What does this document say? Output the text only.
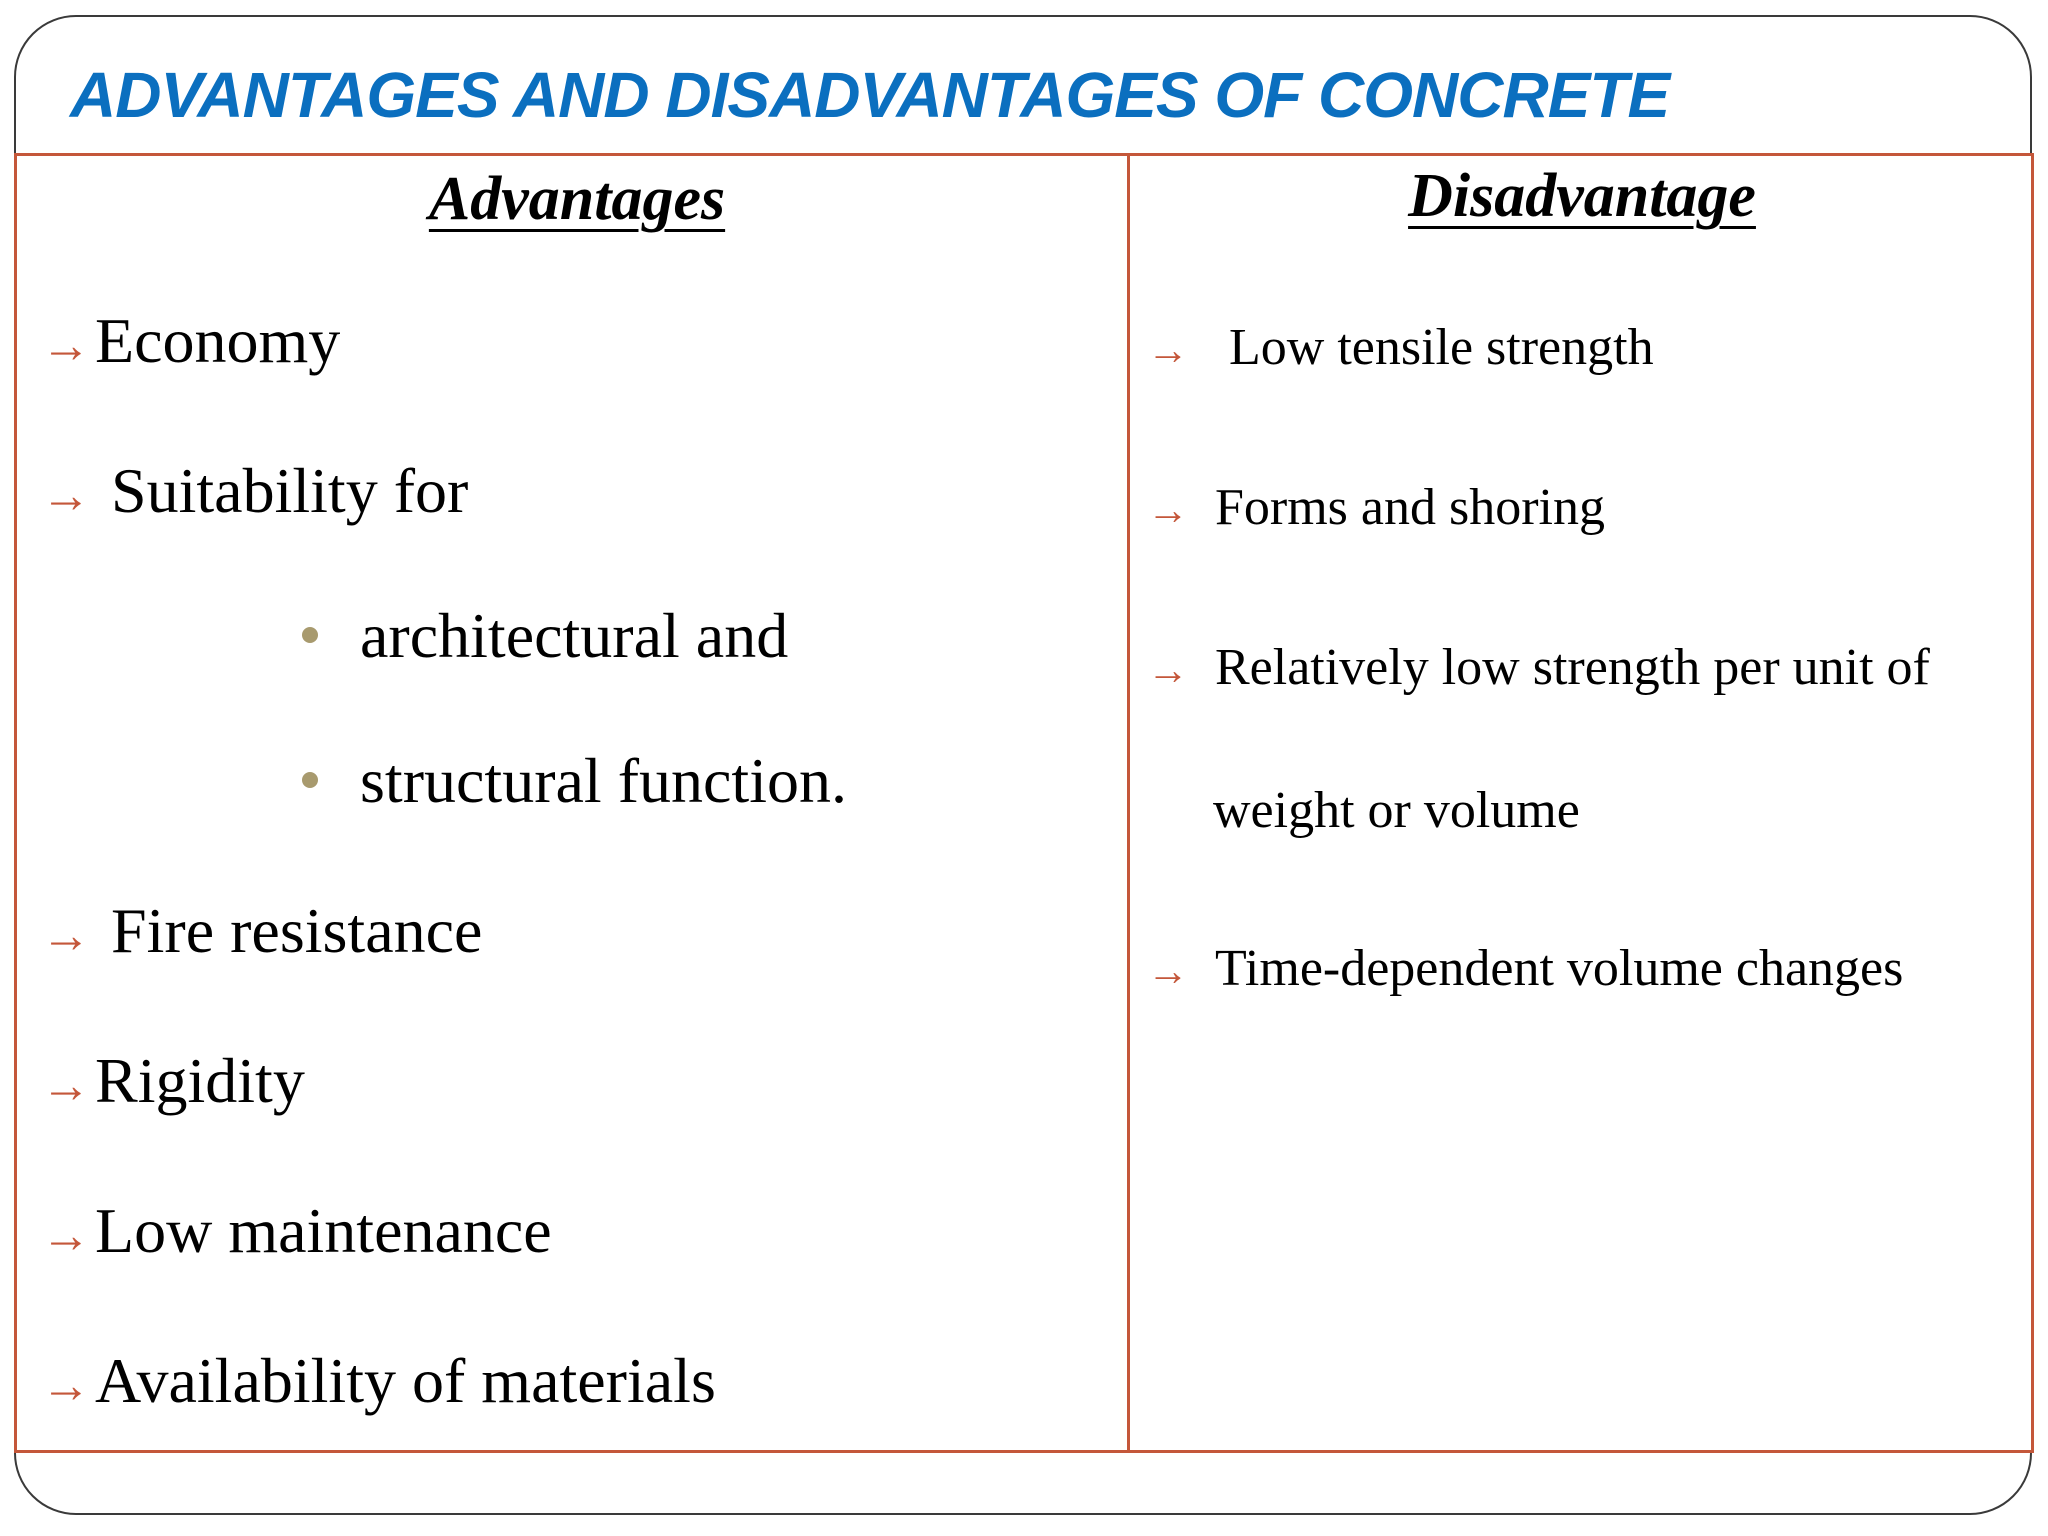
ADVANTAGES AND DISADVANTAGES OF CONCRETE
Advantages	Disadvantage
→ Economy
→ Suitability for
architectural and
structural function.
→ Fire resistance
→ Rigidity
→ Low maintenance
→ Availability of materials
→ Low tensile strength
→ Forms and shoring
→ Relatively low strength per unit of
weight or volume
→ Time-dependent volume changes
